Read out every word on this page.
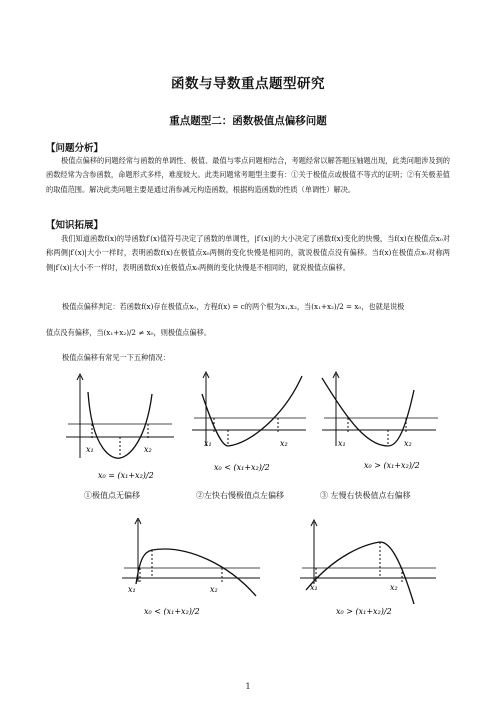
函数与导数重点题型研究
重点题型二：函数极值点偏移问题
【问题分析】
极值点偏移的问题经常与函数的单调性、极值、最值与零点问题相结合，考题经常以解答题压轴题出现，此类问题涉及到的函数经常为含参函数，命题形式多样，难度较大。此类问题常考题型主要有：①关于极值点或极值不等式的证明；②有关极差值的取值范围。解决此类问题主要是通过消参减元构造函数，根据构造函数的性质（单调性）解决。
【知识拓展】
我们知道函数f(x)的导函数f′(x)值符号决定了函数的单调性，|f′(x)|的大小决定了函数f(x)变化的快慢，当f(x)在极值点x₀对称两侧|f′(x)|大小一样时，表明函数f(x)在极值点x₀两侧的变化快慢是相同的，就说极值点没有偏移。当f(x)在极值点x₀对称两侧|f′(x)|大小不一样时，表明函数f(x)在极值点x₀两侧的变化快慢是不相同的，就说极值点偏移。
极值点偏移判定：若函数f(x)存在极值点x₀，方程f(x) = c的两个根为x₁,x₂，当(x₁+x₂)/2 = x₀，也就是说极
值点没有偏移，当(x₁+x₂)/2 ≠ x₀，则极值点偏移。
极值点偏移有常见一下五种情况：
x₁	x₂
x₀ = (x₁+x₂)/2
①极值点无偏移
x₁	x₂
x₀ < (x₁+x₂)/2
②左快右慢极值点左偏移
x₁	x₂
x₀ > (x₁+x₂)/2
③ 左慢右快极值点右偏移
x₁	x₂
x₀ < (x₁+x₂)/2
x₁	x₂
x₀ > (x₁+x₂)/2
1
